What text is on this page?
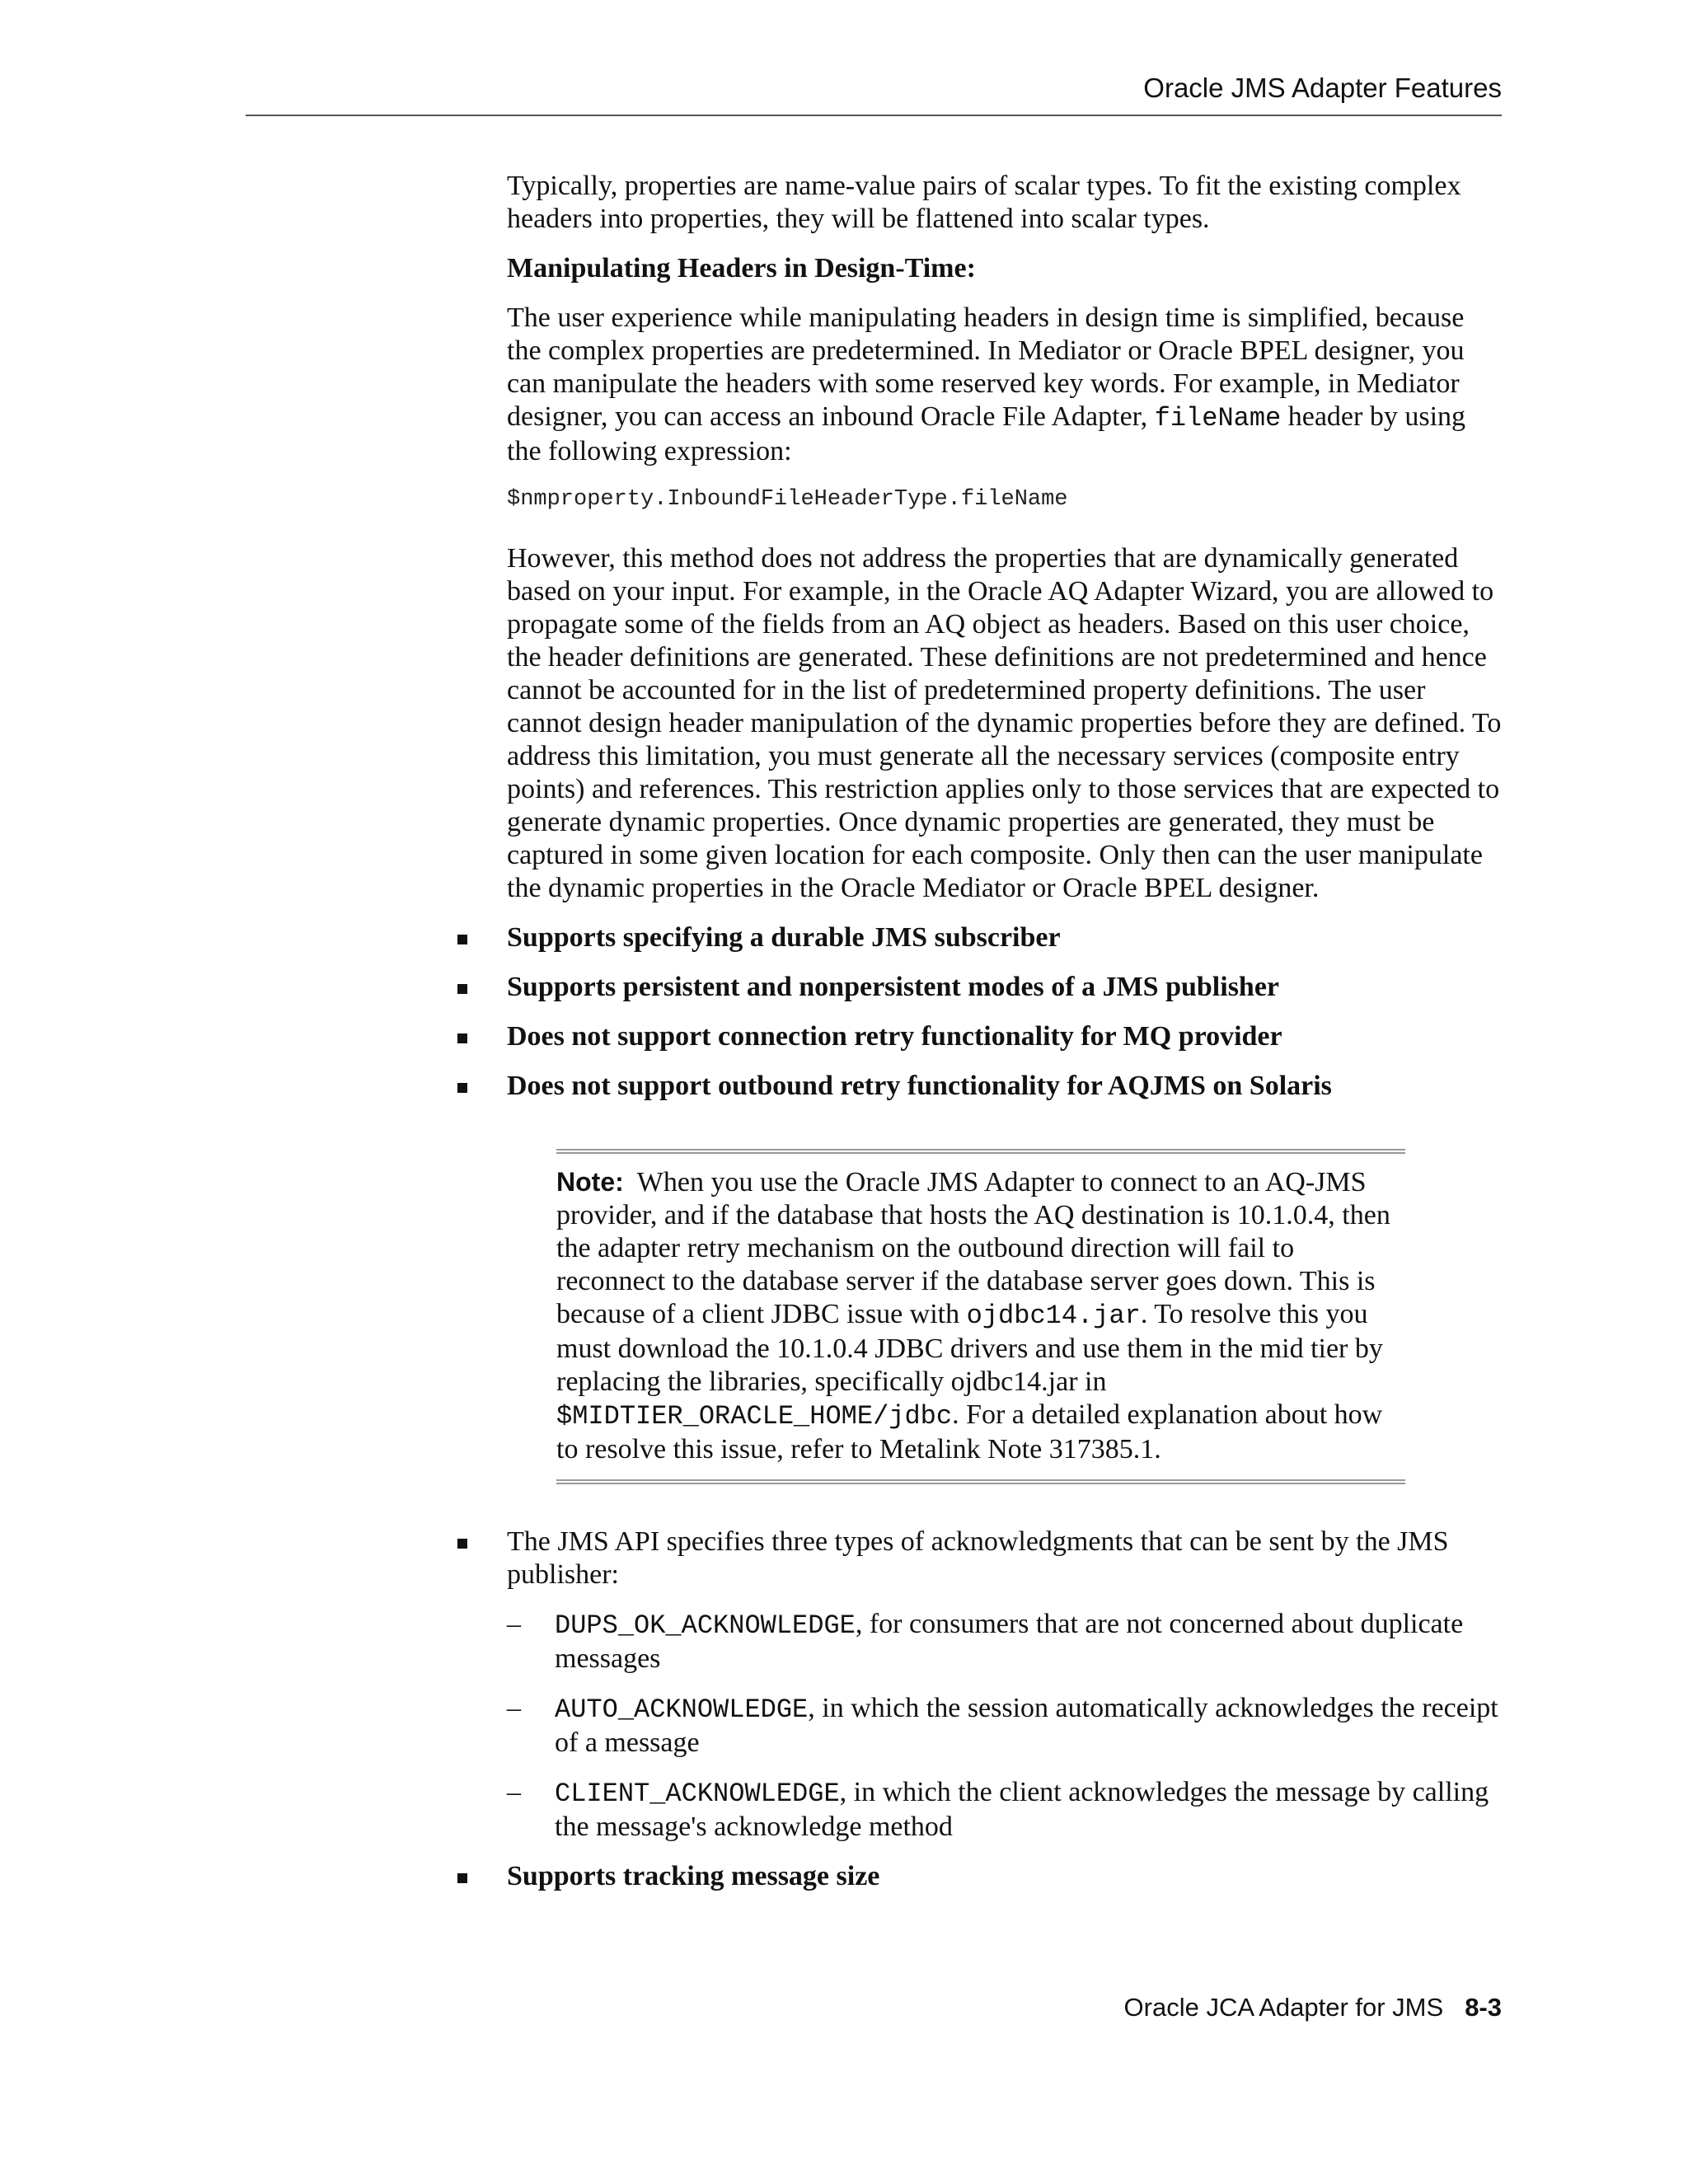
Oracle JMS Adapter Features

Typically, properties are name-value pairs of scalar types. To fit the existing complex headers into properties, they will be flattened into scalar types.

Manipulating Headers in Design-Time:

The user experience while manipulating headers in design time is simplified, because the complex properties are predetermined. In Mediator or Oracle BPEL designer, you can manipulate the headers with some reserved key words. For example, in Mediator designer, you can access an inbound Oracle File Adapter, fileName header by using the following expression:

$nmproperty.InboundFileHeaderType.fileName

However, this method does not address the properties that are dynamically generated based on your input. For example, in the Oracle AQ Adapter Wizard, you are allowed to propagate some of the fields from an AQ object as headers. Based on this user choice, the header definitions are generated. These definitions are not predetermined and hence cannot be accounted for in the list of predetermined property definitions. The user cannot design header manipulation of the dynamic properties before they are defined. To address this limitation, you must generate all the necessary services (composite entry points) and references. This restriction applies only to those services that are expected to generate dynamic properties. Once dynamic properties are generated, they must be captured in some given location for each composite. Only then can the user manipulate the dynamic properties in the Oracle Mediator or Oracle BPEL designer.

Supports specifying a durable JMS subscriber
Supports persistent and nonpersistent modes of a JMS publisher
Does not support connection retry functionality for MQ provider
Does not support outbound retry functionality for AQJMS on Solaris

Note: When you use the Oracle JMS Adapter to connect to an AQ-JMS provider, and if the database that hosts the AQ destination is 10.1.0.4, then the adapter retry mechanism on the outbound direction will fail to reconnect to the database server if the database server goes down. This is because of a client JDBC issue with ojdbc14.jar. To resolve this you must download the 10.1.0.4 JDBC drivers and use them in the mid tier by replacing the libraries, specifically ojdbc14.jar in $MIDTIER_ORACLE_HOME/jdbc. For a detailed explanation about how to resolve this issue, refer to Metalink Note 317385.1.

The JMS API specifies three types of acknowledgments that can be sent by the JMS publisher:
– DUPS_OK_ACKNOWLEDGE, for consumers that are not concerned about duplicate messages
– AUTO_ACKNOWLEDGE, in which the session automatically acknowledges the receipt of a message
– CLIENT_ACKNOWLEDGE, in which the client acknowledges the message by calling the message's acknowledge method
Supports tracking message size
Oracle JCA Adapter for JMS 8-3
